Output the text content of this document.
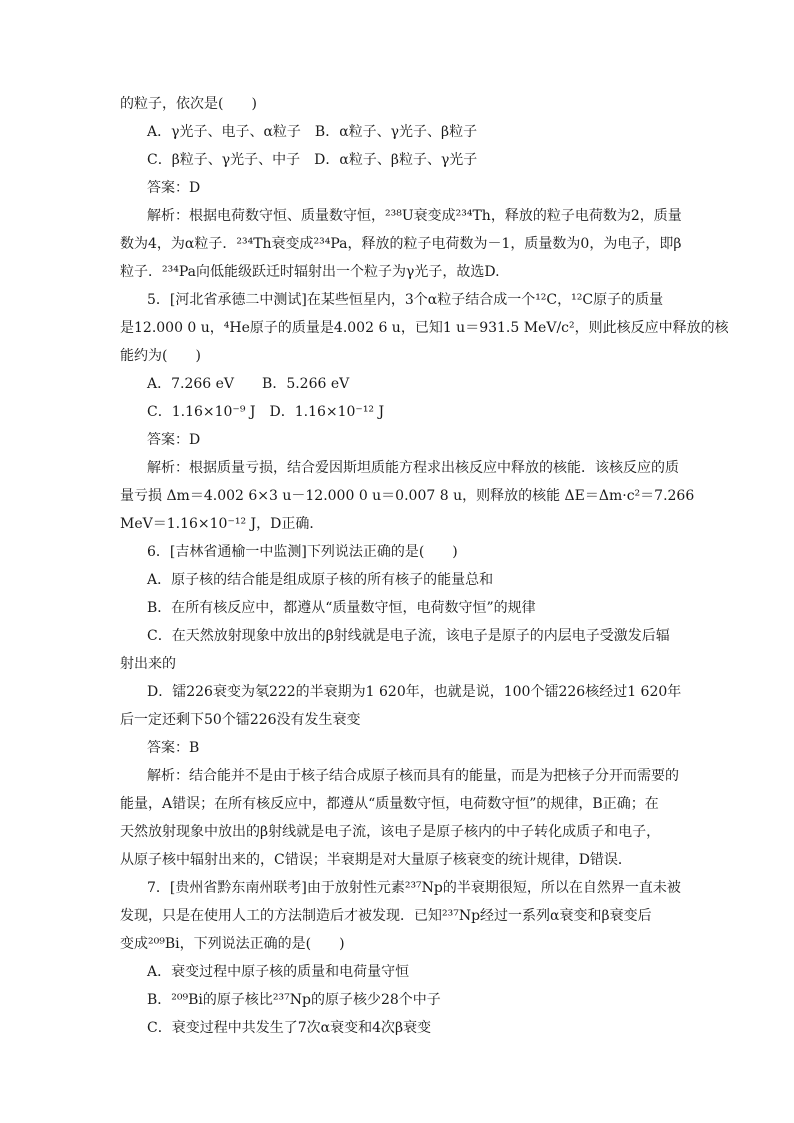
的粒子，依次是(　　)
A．γ光子、电子、α粒子　B．α粒子、γ光子、β粒子
C．β粒子、γ光子、中子　D．α粒子、β粒子、γ光子
答案：D
解析：根据电荷数守恒、质量数守恒，²³⁸U衰变成²³⁴Th，释放的粒子电荷数为2，质量
数为4，为α粒子．²³⁴Th衰变成²³⁴Pa，释放的粒子电荷数为－1，质量数为0，为电子，即β
粒子．²³⁴Pa向低能级跃迁时辐射出一个粒子为γ光子，故选D.
5．[河北省承德二中测试]在某些恒星内，3个α粒子结合成一个¹²C，¹²C原子的质量
是12.000 0 u，⁴He原子的质量是4.002 6 u，已知1 u＝931.5 MeV/c²，则此核反应中释放的核
能约为(　　)
A．7.266 eV　　B．5.266 eV
C．1.16×10⁻⁹ J　D．1.16×10⁻¹² J
答案：D
解析：根据质量亏损，结合爱因斯坦质能方程求出核反应中释放的核能．该核反应的质
量亏损 Δm＝4.002 6×3 u－12.000 0 u＝0.007 8 u，则释放的核能 ΔE＝Δm·c²＝7.266
MeV＝1.16×10⁻¹² J，D正确．
6．[吉林省通榆一中监测]下列说法正确的是(　　)
A．原子核的结合能是组成原子核的所有核子的能量总和
B．在所有核反应中，都遵从“质量数守恒，电荷数守恒”的规律
C．在天然放射现象中放出的β射线就是电子流，该电子是原子的内层电子受激发后辐
射出来的
D．镭226衰变为氡222的半衰期为1 620年，也就是说，100个镭226核经过1 620年
后一定还剩下50个镭226没有发生衰变
答案：B
解析：结合能并不是由于核子结合成原子核而具有的能量，而是为把核子分开而需要的
能量，A错误；在所有核反应中，都遵从“质量数守恒，电荷数守恒”的规律，B正确；在
天然放射现象中放出的β射线就是电子流，该电子是原子核内的中子转化成质子和电子，
从原子核中辐射出来的，C错误；半衰期是对大量原子核衰变的统计规律，D错误．
7．[贵州省黔东南州联考]由于放射性元素²³⁷Np的半衰期很短，所以在自然界一直未被
发现，只是在使用人工的方法制造后才被发现．已知²³⁷Np经过一系列α衰变和β衰变后
变成²⁰⁹Bi，下列说法正确的是(　　)
A．衰变过程中原子核的质量和电荷量守恒
B．²⁰⁹Bi的原子核比²³⁷Np的原子核少28个中子
C．衰变过程中共发生了7次α衰变和4次β衰变
